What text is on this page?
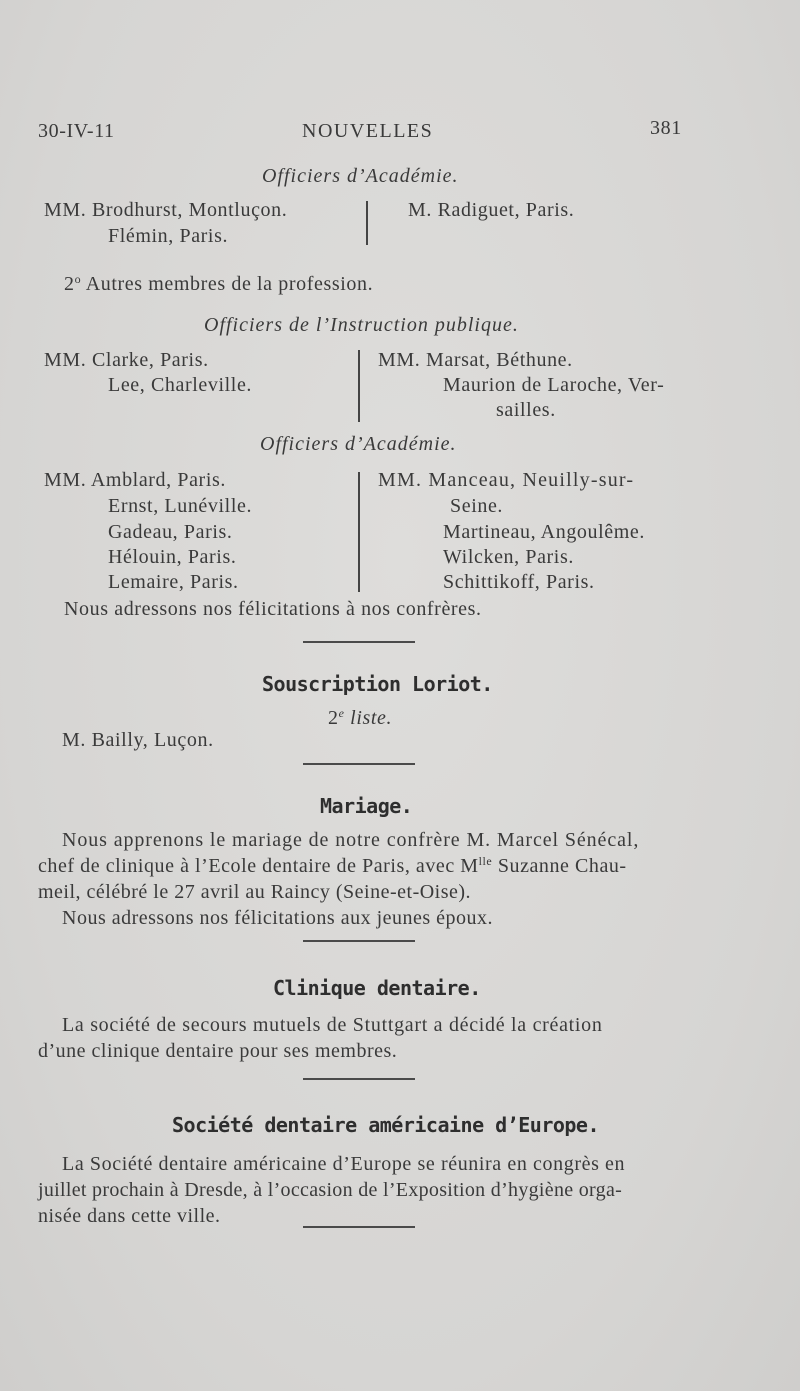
30-IV-11	NOUVELLES	381
Officiers d’Académie.
MM. Brodhurst, Montluçon.
Flémin, Paris.
M. Radiguet, Paris.
2$^o$ Autres membres de la profession.
Officiers de l’Instruction publique.
MM. Clarke, Paris.
Lee, Charleville.
MM. Marsat, Béthune.
Maurion de Laroche, Ver-
sailles.
Officiers d’Académie.
MM. Amblard, Paris.
Ernst, Lunéville.
Gadeau, Paris.
Hélouin, Paris.
Lemaire, Paris.
MM. Manceau, Neuilly-sur-
Seine.
Martineau, Angoulême.
Wilcken, Paris.
Schittikoff, Paris.
Nous adressons nos félicitations à nos confrères.
Souscription Loriot.
2e liste.
M. Bailly, Luçon.
Mariage.
Nous apprenons le mariage de notre confrère M. Marcel Sénécal,
chef de clinique à l’Ecole dentaire de Paris, avec $M^{lle}$ Suzanne Chau-
meil, célébré le 27 avril au Raincy (Seine-et-Oise).
Nous adressons nos félicitations aux jeunes époux.
Clinique dentaire.
La société de secours mutuels de Stuttgart a décidé la création
d’une clinique dentaire pour ses membres.
Société dentaire américaine d’Europe.
La Société dentaire américaine d’Europe se réunira en congrès en
juillet prochain à Dresde, à l’occasion de l’Exposition d’hygiène orga-
nisée dans cette ville.
